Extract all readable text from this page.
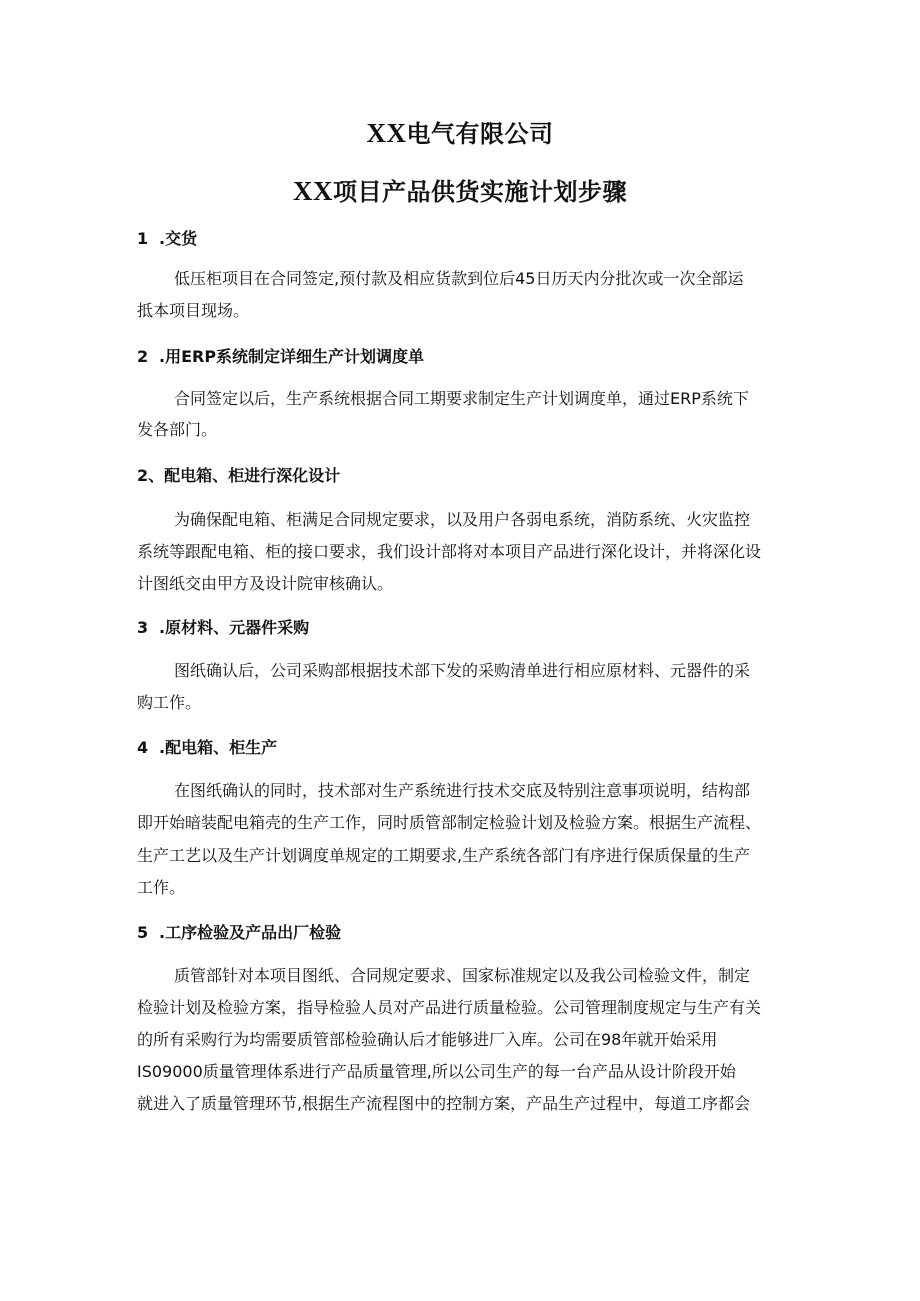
XX电气有限公司
XX项目产品供货实施计划步骤
1 .交货
低压柜项目在合同签定,预付款及相应货款到位后45日历天内分批次或一次全部运
抵本项目现场。
2 .用ERP系统制定详细生产计划调度单
合同签定以后，生产系统根据合同工期要求制定生产计划调度单，通过ERP系统下
发各部门。
2、配电箱、柜进行深化设计
为确保配电箱、柜满足合同规定要求，以及用户各弱电系统，消防系统、火灾监控
系统等跟配电箱、柜的接口要求，我们设计部将对本项目产品进行深化设计，并将深化设
计图纸交由甲方及设计院审核确认。
3 .原材料、元器件采购
图纸确认后，公司采购部根据技术部下发的采购清单进行相应原材料、元器件的采
购工作。
4 .配电箱、柜生产
在图纸确认的同时，技术部对生产系统进行技术交底及特别注意事项说明，结构部
即开始暗装配电箱壳的生产工作，同时质管部制定检验计划及检验方案。根据生产流程、
生产工艺以及生产计划调度单规定的工期要求,生产系统各部门有序进行保质保量的生产
工作。
5 .工序检验及产品出厂检验
质管部针对本项目图纸、合同规定要求、国家标准规定以及我公司检验文件，制定
检验计划及检验方案，指导检验人员对产品进行质量检验。公司管理制度规定与生产有关
的所有采购行为均需要质管部检验确认后才能够进厂入库。公司在98年就开始采用
IS09000质量管理体系进行产品质量管理,所以公司生产的每一台产品从设计阶段开始
就进入了质量管理环节,根据生产流程图中的控制方案，产品生产过程中，每道工序都会
